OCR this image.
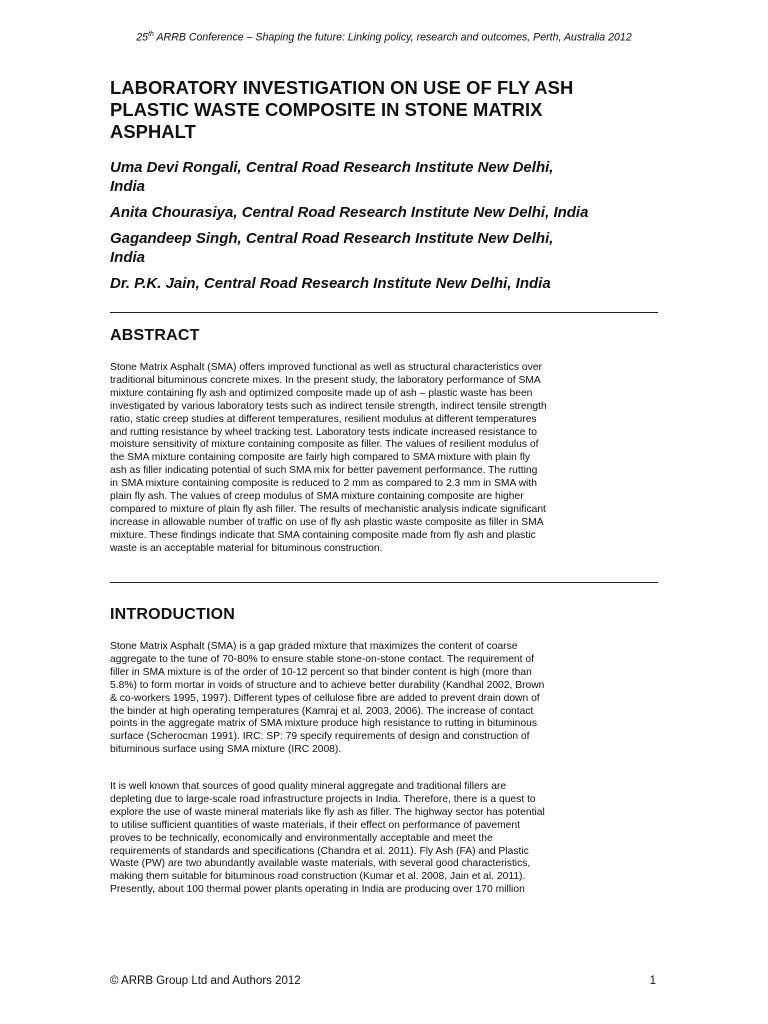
25th ARRB Conference – Shaping the future: Linking policy, research and outcomes, Perth, Australia 2012
LABORATORY INVESTIGATION ON USE OF FLY ASH
PLASTIC WASTE COMPOSITE IN STONE MATRIX
ASPHALT
Uma Devi Rongali, Central Road Research Institute New Delhi,
India
Anita Chourasiya, Central Road Research Institute New Delhi, India
Gagandeep Singh, Central Road Research Institute New Delhi,
India
Dr. P.K. Jain, Central Road Research Institute New Delhi, India
ABSTRACT
Stone Matrix Asphalt (SMA) offers improved functional as well as structural characteristics over
traditional bituminous concrete mixes. In the present study, the laboratory performance of SMA
mixture containing fly ash and optimized composite made up of ash – plastic waste has been
investigated by various laboratory tests such as indirect tensile strength, indirect tensile strength
ratio, static creep studies at different temperatures, resilient modulus at different temperatures
and rutting resistance by wheel tracking test. Laboratory tests indicate increased resistance to
moisture sensitivity of mixture containing composite as filler. The values of resilient modulus of
the SMA mixture containing composite are fairly high compared to SMA mixture with plain fly
ash as filler indicating potential of such SMA mix for better pavement performance. The rutting
in SMA mixture containing composite is reduced to 2 mm as compared to 2.3 mm in SMA with
plain fly ash. The values of creep modulus of SMA mixture containing composite are higher
compared to mixture of plain fly ash filler. The results of mechanistic analysis indicate significant
increase in allowable number of traffic on use of fly ash plastic waste composite as filler in SMA
mixture. These findings indicate that SMA containing composite made from fly ash and plastic
waste is an acceptable material for bituminous construction.
INTRODUCTION
Stone Matrix Asphalt (SMA) is a gap graded mixture that maximizes the content of coarse
aggregate to the tune of 70-80% to ensure stable stone-on-stone contact. The requirement of
filler in SMA mixture is of the order of 10-12 percent so that binder content is high (more than
5.8%) to form mortar in voids of structure and to achieve better durability (Kandhal 2002, Brown
& co-workers 1995, 1997). Different types of cellulose fibre are added to prevent drain down of
the binder at high operating temperatures (Kamraj et al. 2003, 2006). The increase of contact
points in the aggregate matrix of SMA mixture produce high resistance to rutting in bituminous
surface (Scherocman 1991). IRC: SP: 79 specify requirements of design and construction of
bituminous surface using SMA mixture (IRC 2008).
It is well known that sources of good quality mineral aggregate and traditional fillers are
depleting due to large-scale road infrastructure projects in India. Therefore, there is a quest to
explore the use of waste mineral materials like fly ash as filler. The highway sector has potential
to utilise sufficient quantities of waste materials, if their effect on performance of pavement
proves to be technically, economically and environmentally acceptable and meet the
requirements of standards and specifications (Chandra et al. 2011). Fly Ash (FA) and Plastic
Waste (PW) are two abundantly available waste materials, with several good characteristics,
making them suitable for bituminous road construction (Kumar et al. 2008, Jain et al. 2011).
Presently, about 100 thermal power plants operating in India are producing over 170 million
© ARRB Group Ltd and Authors 2012	1
